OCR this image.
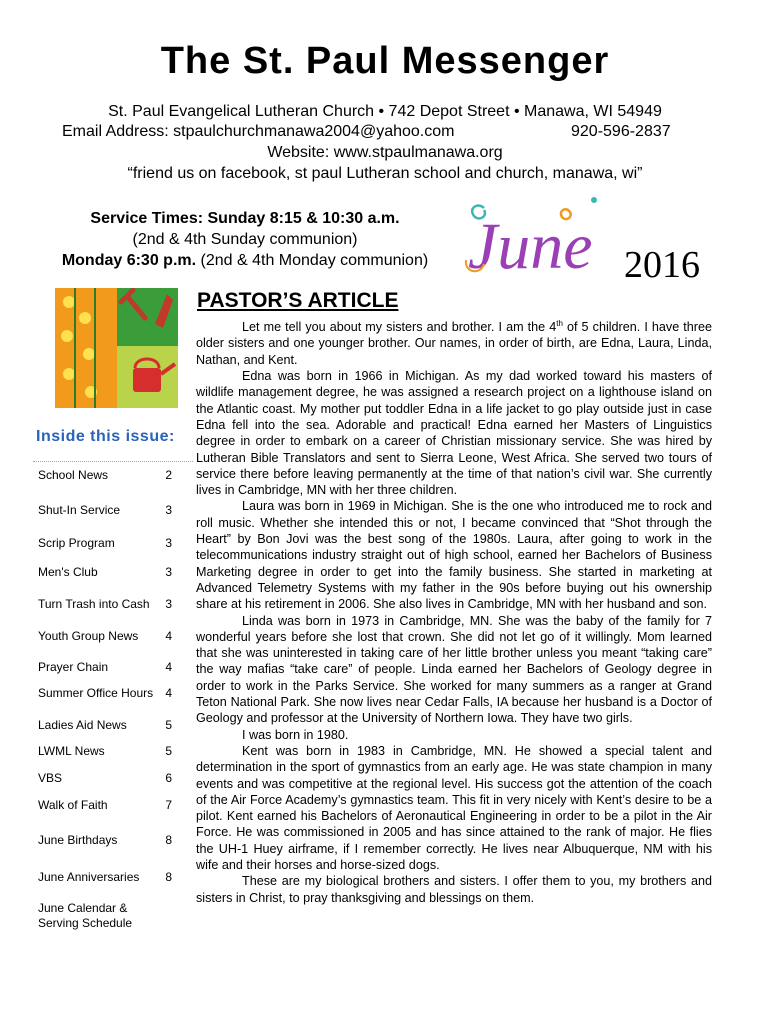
The St. Paul Messenger
St. Paul Evangelical Lutheran Church • 742 Depot Street • Manawa, WI 54949
Email Address: stpaulchurchmanawa2004@yahoo.com	920-596-2837
Website: www.stpaulmanawa.org
“friend us on facebook, st paul Lutheran school and church, manawa, wi”
Service Times: Sunday 8:15 & 10:30 a.m.
(2nd & 4th Sunday communion)
Monday 6:30 p.m. (2nd & 4th Monday communion) June 2016
Inside this issue:
School News	2
Shut-In Service	3
Scrip Program	3
Men's Club	3
Turn Trash into Cash 3
Youth Group News 4
Prayer Chain	4
Summer Office Hours 4
Ladies Aid News	5
LWML News	5
VBS	6
Walk of Faith	7
June Birthdays	8
June Anniversaries 8
June Calendar & Serving Schedule
PASTOR’S ARTICLE

Let me tell you about my sisters and brother. I am the 4th of 5 children. I have three older sisters and one younger brother. Our names, in order of birth, are Edna, Laura, Linda, Nathan, and Kent.

Edna was born in 1966 in Michigan. As my dad worked toward his masters of wildlife management degree, he was assigned a research project on a lighthouse island on the Atlantic coast. My mother put toddler Edna in a life jacket to go play outside just in case Edna fell into the sea. Adorable and practical! Edna earned her Masters of Linguistics degree in order to embark on a career of Christian missionary service. She was hired by Lutheran Bible Translators and sent to Sierra Leone, West Africa. She served two tours of service there before leaving permanently at the time of that nation’s civil war. She currently lives in Cambridge, MN with her three children.

Laura was born in 1969 in Michigan. She is the one who introduced me to rock and roll music. Whether she intended this or not, I became convinced that “Shot through the Heart” by Bon Jovi was the best song of the 1980s. Laura, after going to work in the telecommunications industry straight out of high school, earned her Bachelors of Business Marketing degree in order to get into the family business. She started in marketing at Advanced Telemetry Systems with my father in the 90s before buying out his ownership share at his retirement in 2006. She also lives in Cambridge, MN with her husband and son.

Linda was born in 1973 in Cambridge, MN. She was the baby of the family for 7 wonderful years before she lost that crown. She did not let go of it willingly. Mom learned that she was uninterested in taking care of her little brother unless you meant “taking care” the way mafias “take care” of people. Linda earned her Bachelors of Geology degree in order to work in the Parks Service. She worked for many summers as a ranger at Grand Teton National Park. She now lives near Cedar Falls, IA because her husband is a Doctor of Geology and professor at the University of Northern Iowa. They have two girls.

I was born in 1980.

Kent was born in 1983 in Cambridge, MN. He showed a special talent and determination in the sport of gymnastics from an early age. He was state champion in many events and was competitive at the regional level. His success got the attention of the coach of the Air Force Academy’s gymnastics team. This fit in very nicely with Kent’s desire to be a pilot. Kent earned his Bachelors of Aeronautical Engineering in order to be a pilot in the Air Force. He was commissioned in 2005 and has since attained to the rank of major. He flies the UH-1 Huey airframe, if I remember correctly. He lives near Albuquerque, NM with his wife and their horses and horse-sized dogs.

These are my biological brothers and sisters. I offer them to you, my brothers and sisters in Christ, to pray thanksgiving and blessings on them.
